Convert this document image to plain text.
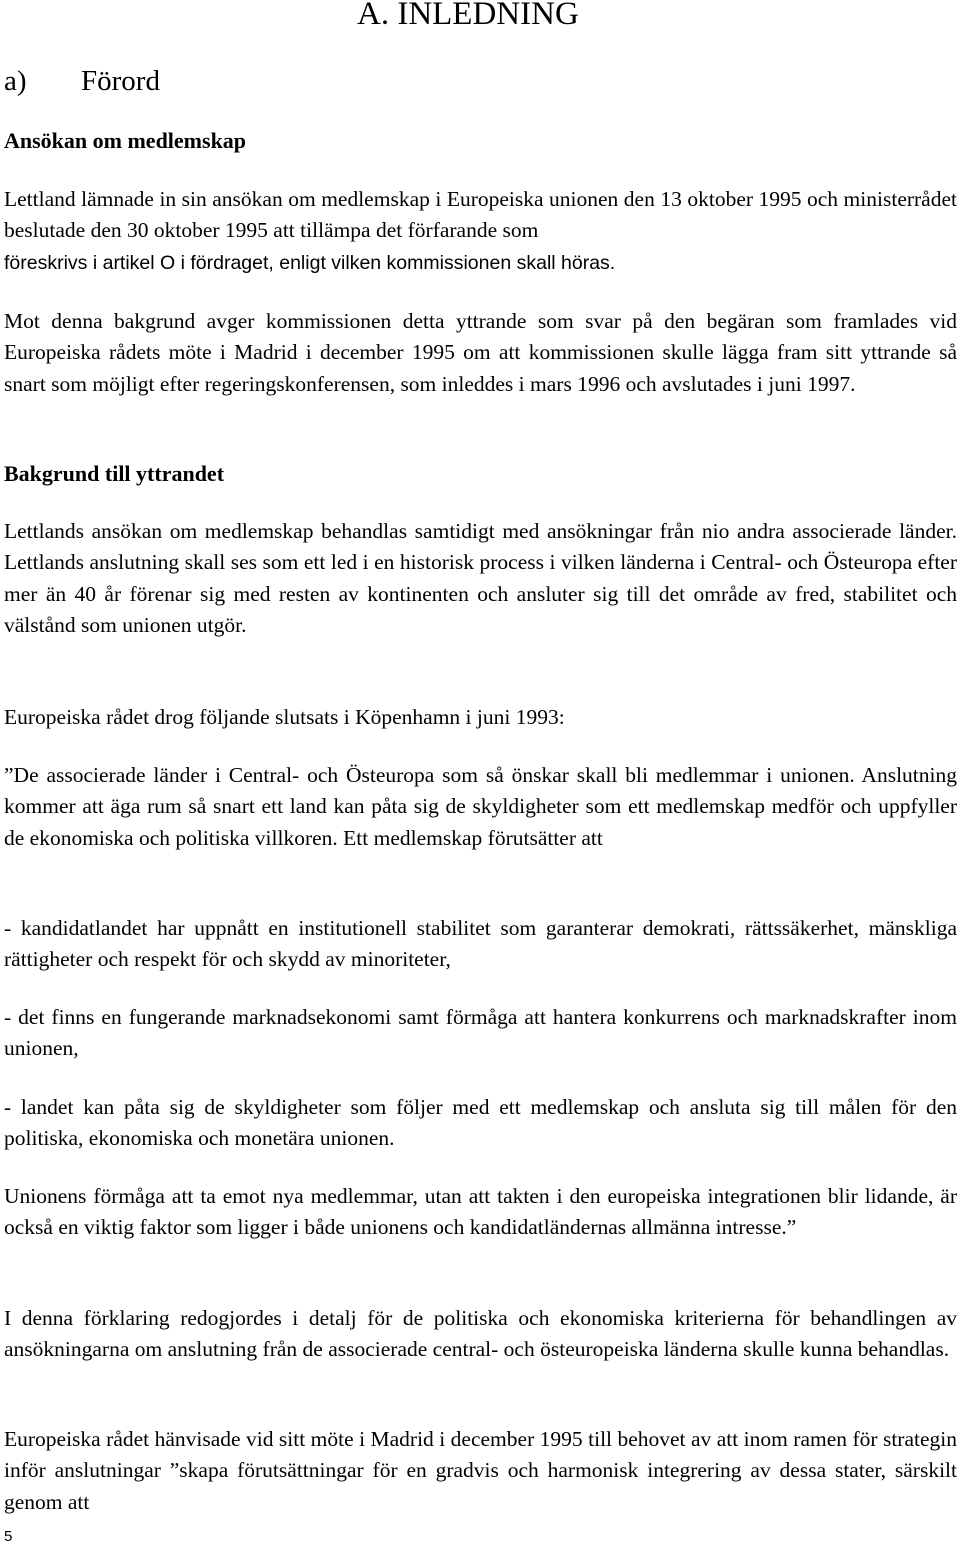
A. INLEDNING
a) Förord
Ansökan om medlemskap

Lettland lämnade in sin ansökan om medlemskap i Europeiska unionen den 13 oktober 1995 och ministerrådet beslutade den 30 oktober 1995 att tillämpa det förfarande som

föreskrivs i artikel O i fördraget, enligt vilken kommissionen skall höras.

Mot denna bakgrund avger kommissionen detta yttrande som svar på den begäran som framlades vid Europeiska rådets möte i Madrid i december 1995 om att kommissionen skulle lägga fram sitt yttrande så snart som möjligt efter regeringskonferensen, som inleddes i mars 1996 och avslutades i juni 1997.

Bakgrund till yttrandet

Lettlands ansökan om medlemskap behandlas samtidigt med ansökningar från nio andra associerade länder. Lettlands anslutning skall ses som ett led i en historisk process i vilken länderna i Central- och Östeuropa efter mer än 40 år förenar sig med resten av kontinenten och ansluter sig till det område av fred, stabilitet och välstånd som unionen utgör.

Europeiska rådet drog följande slutsats i Köpenhamn i juni 1993:

”De associerade länder i Central- och Östeuropa som så önskar skall bli medlemmar i unionen. Anslutning kommer att äga rum så snart ett land kan påta sig de skyldigheter som ett medlemskap medför och uppfyller de ekonomiska och politiska villkoren. Ett medlemskap förutsätter att

- kandidatlandet har uppnått en institutionell stabilitet som garanterar demokrati, rättssäkerhet, mänskliga rättigheter och respekt för och skydd av minoriteter,

- det finns en fungerande marknadsekonomi samt förmåga att hantera konkurrens och marknadskrafter inom unionen,

- landet kan påta sig de skyldigheter som följer med ett medlemskap och ansluta sig till målen för den politiska, ekonomiska och monetära unionen.

Unionens förmåga att ta emot nya medlemmar, utan att takten i den europeiska integrationen blir lidande, är också en viktig faktor som ligger i både unionens och kandidatländernas allmänna intresse.”

I denna förklaring redogjordes i detalj för de politiska och ekonomiska kriterierna för behandlingen av ansökningarna om anslutning från de associerade central- och östeuropeiska länderna skulle kunna behandlas.

Europeiska rådet hänvisade vid sitt möte i Madrid i december 1995 till behovet av att inom ramen för strategin inför anslutningar ”skapa förutsättningar för en gradvis och harmonisk integrering av dessa stater, särskilt genom att

5
